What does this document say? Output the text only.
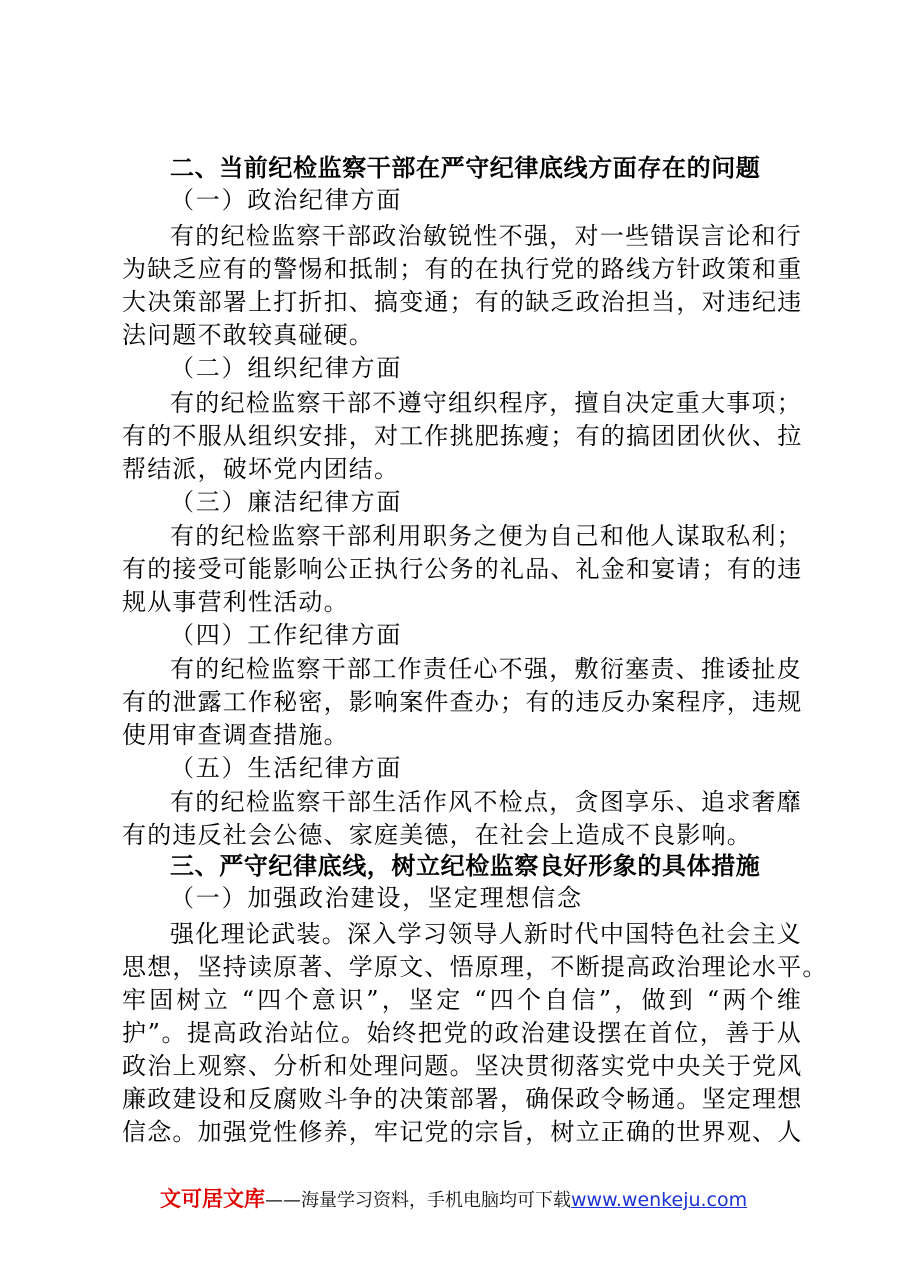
二、当前纪检监察干部在严守纪律底线方面存在的问题
（一）政治纪律方面
有的纪检监察干部政治敏锐性不强，对一些错误言论和行
为缺乏应有的警惕和抵制；有的在执行党的路线方针政策和重
大决策部署上打折扣、搞变通；有的缺乏政治担当，对违纪违
法问题不敢较真碰硬。
（二）组织纪律方面
有的纪检监察干部不遵守组织程序，擅自决定重大事项；
有的不服从组织安排，对工作挑肥拣瘦；有的搞团团伙伙、拉
帮结派，破坏党内团结。
（三）廉洁纪律方面
有的纪检监察干部利用职务之便为自己和他人谋取私利；
有的接受可能影响公正执行公务的礼品、礼金和宴请；有的违
规从事营利性活动。
（四）工作纪律方面
有的纪检监察干部工作责任心不强，敷衍塞责、推诿扯皮
有的泄露工作秘密，影响案件查办；有的违反办案程序，违规
使用审查调查措施。
（五）生活纪律方面
有的纪检监察干部生活作风不检点，贪图享乐、追求奢靡
有的违反社会公德、家庭美德，在社会上造成不良影响。
三、严守纪律底线，树立纪检监察良好形象的具体措施
（一）加强政治建设，坚定理想信念
强化理论武装。深入学习领导人新时代中国特色社会主义
思想，坚持读原著、学原文、悟原理，不断提高政治理论水平。
牢固树立 “四个意识”，坚定 “四个自信”，做到 “两个维
护”。提高政治站位。始终把党的政治建设摆在首位，善于从
政治上观察、分析和处理问题。坚决贯彻落实党中央关于党风
廉政建设和反腐败斗争的决策部署，确保政令畅通。坚定理想
信念。加强党性修养，牢记党的宗旨，树立正确的世界观、人
文可居文库——海量学习资料，手机电脑均可下载www.wenkeju.com
